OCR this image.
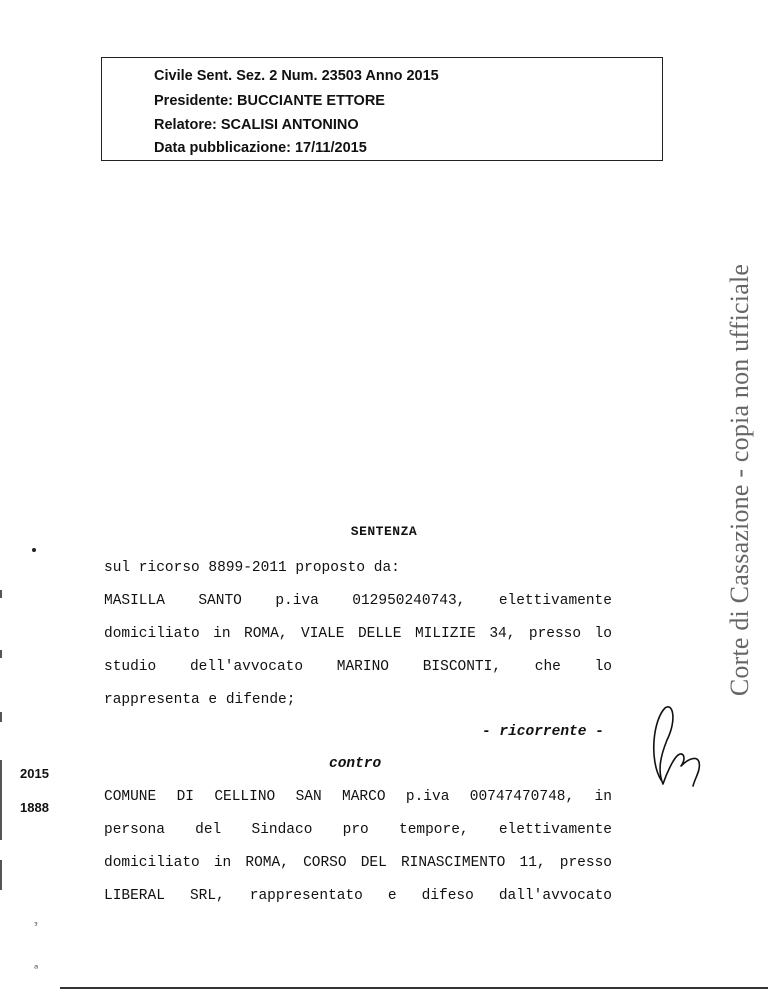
Civile Sent. Sez. 2 Num. 23503 Anno 2015
Presidente: BUCCIANTE ETTORE
Relatore: SCALISI ANTONINO
Data pubblicazione: 17/11/2015
Corte di Cassazione - copia non ufficiale
SENTENZA
sul ricorso 8899-2011 proposto da:
MASILLA SANTO p.iva 012950240743, elettivamente
domiciliato in ROMA, VIALE DELLE MILIZIE 34, presso lo
studio dell'avvocato MARINO BISCONTI, che lo
rappresenta e difende;
- ricorrente -
contro
COMUNE DI CELLINO SAN MARCO p.iva 00747470748, in
persona del Sindaco pro tempore, elettivamente
domiciliato in ROMA, CORSO DEL RINASCIMENTO 11, presso
LIBERAL SRL, rappresentato e difeso dall'avvocato
2015
1888
ᵌ
ᵃ
